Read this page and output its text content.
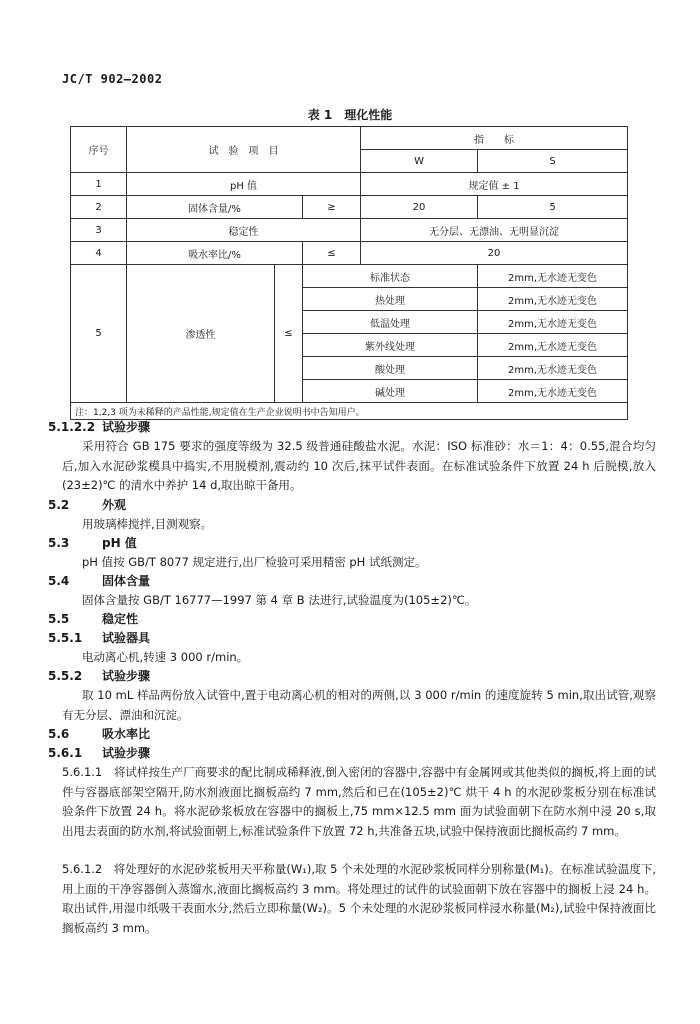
JC/T 902—2002
表 1　理化性能
序号	试　验　项　目			指　　标	
				W	S
1	pH 值			规定值 ± 1	
2	固体含量/%		≥	20	5
3	稳定性			无分层、无漂油、无明显沉淀	
4	吸水率比/%		≤	20	
5	渗透性	≤	标准状态		2mm,无水迹无变色
			热处理		2mm,无水迹无变色
			低温处理		2mm,无水迹无变色
			紫外线处理		2mm,无水迹无变色
			酸处理		2mm,无水迹无变色
			碱处理		2mm,无水迹无变色
注：1,2,3 项为未稀释的产品性能,规定值在生产企业说明书中告知用户。					
5.1.2.2 试验步骤
采用符合 GB 175 要求的强度等级为 32.5 级普通硅酸盐水泥。水泥：ISO 标准砂：水＝1：4：0.55,混合均匀后,加入水泥砂浆模具中捣实,不用脱模剂,震动约 10 次后,抹平试件表面。在标准试验条件下放置 24 h 后脱模,放入(23±2)℃ 的清水中养护 14 d,取出晾干备用。
5.2	外观
用玻璃棒搅拌,目测观察。
5.3	pH 值
pH 值按 GB/T 8077 规定进行,出厂检验可采用精密 pH 试纸测定。
5.4	固体含量
固体含量按 GB/T 16777—1997 第 4 章 B 法进行,试验温度为(105±2)℃。
5.5	稳定性
5.5.1 试验器具
电动离心机,转速 3 000 r/min。
5.5.2 试验步骤
取 10 mL 样品两份放入试管中,置于电动离心机的相对的两侧,以 3 000 r/min 的速度旋转 5 min,取出试管,观察有无分层、漂油和沉淀。
5.6	吸水率比
5.6.1 试验步骤
5.6.1.1　将试样按生产厂商要求的配比制成稀释液,倒入密闭的容器中,容器中有金属网或其他类似的搁板,将上面的试件与容器底部架空隔开,防水剂液面比搁板高约 7 mm,然后和已在(105±2)℃ 烘干 4 h 的水泥砂浆板分别在标准试验条件下放置 24 h。将水泥砂浆板放在容器中的搁板上,75 mm×12.5 mm 面为试验面朝下在防水剂中浸 20 s,取出甩去表面的防水剂,将试验面朝上,标准试验条件下放置 72 h,共准备五块,试验中保持液面比搁板高约 7 mm。
5.6.1.2　将处理好的水泥砂浆板用天平称量(W₁),取 5 个未处理的水泥砂浆板同样分别称量(M₁)。在标准试验温度下,用上面的干净容器倒入蒸馏水,液面比搁板高约 3 mm。将处理过的试件的试验面朝下放在容器中的搁板上浸 24 h。取出试件,用湿巾纸吸干表面水分,然后立即称量(W₂)。5 个未处理的水泥砂浆板同样浸水称量(M₂),试验中保持液面比搁板高约 3 mm。
